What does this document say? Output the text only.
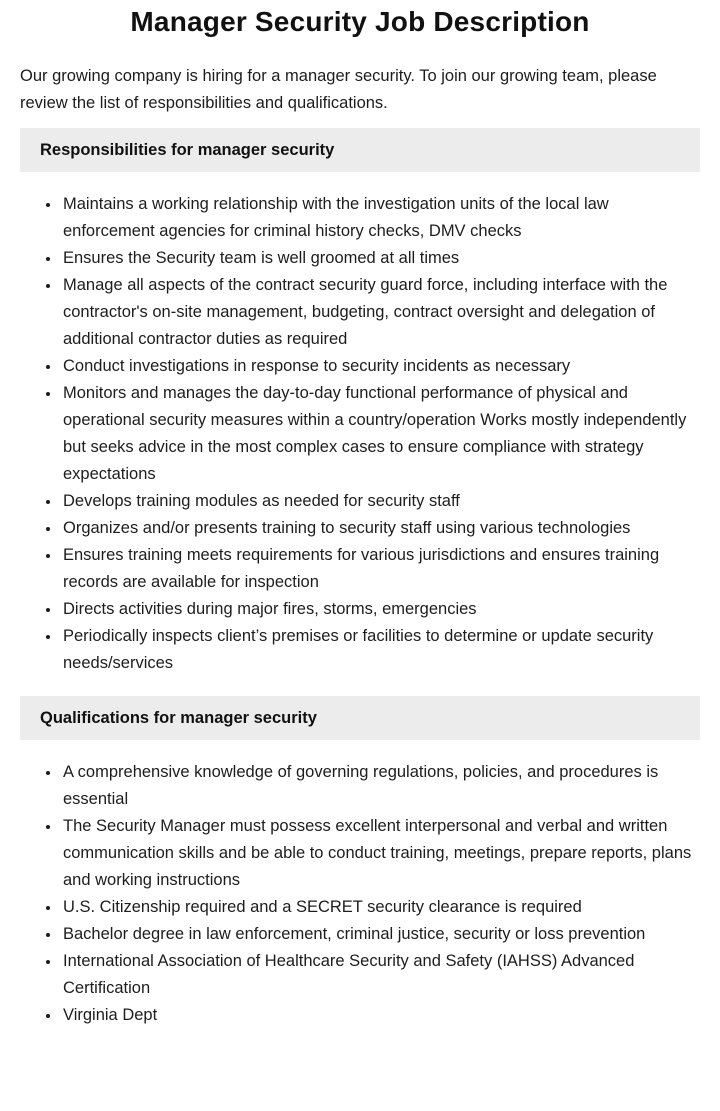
Manager Security Job Description

Our growing company is hiring for a manager security. To join our growing team, please review the list of responsibilities and qualifications.

Responsibilities for manager security
• Maintains a working relationship with the investigation units of the local law enforcement agencies for criminal history checks, DMV checks
• Ensures the Security team is well groomed at all times
• Manage all aspects of the contract security guard force, including interface with the contractor's on-site management, budgeting, contract oversight and delegation of additional contractor duties as required
• Conduct investigations in response to security incidents as necessary
• Monitors and manages the day-to-day functional performance of physical and operational security measures within a country/operation Works mostly independently but seeks advice in the most complex cases to ensure compliance with strategy expectations
• Develops training modules as needed for security staff
• Organizes and/or presents training to security staff using various technologies
• Ensures training meets requirements for various jurisdictions and ensures training records are available for inspection
• Directs activities during major fires, storms, emergencies
• Periodically inspects client’s premises or facilities to determine or update security needs/services
Qualifications for manager security
• A comprehensive knowledge of governing regulations, policies, and procedures is essential
• The Security Manager must possess excellent interpersonal and verbal and written communication skills and be able to conduct training, meetings, prepare reports, plans and working instructions
• U.S. Citizenship required and a SECRET security clearance is required
• Bachelor degree in law enforcement, criminal justice, security or loss prevention
• International Association of Healthcare Security and Safety (IAHSS) Advanced Certification
• Virginia Dept
